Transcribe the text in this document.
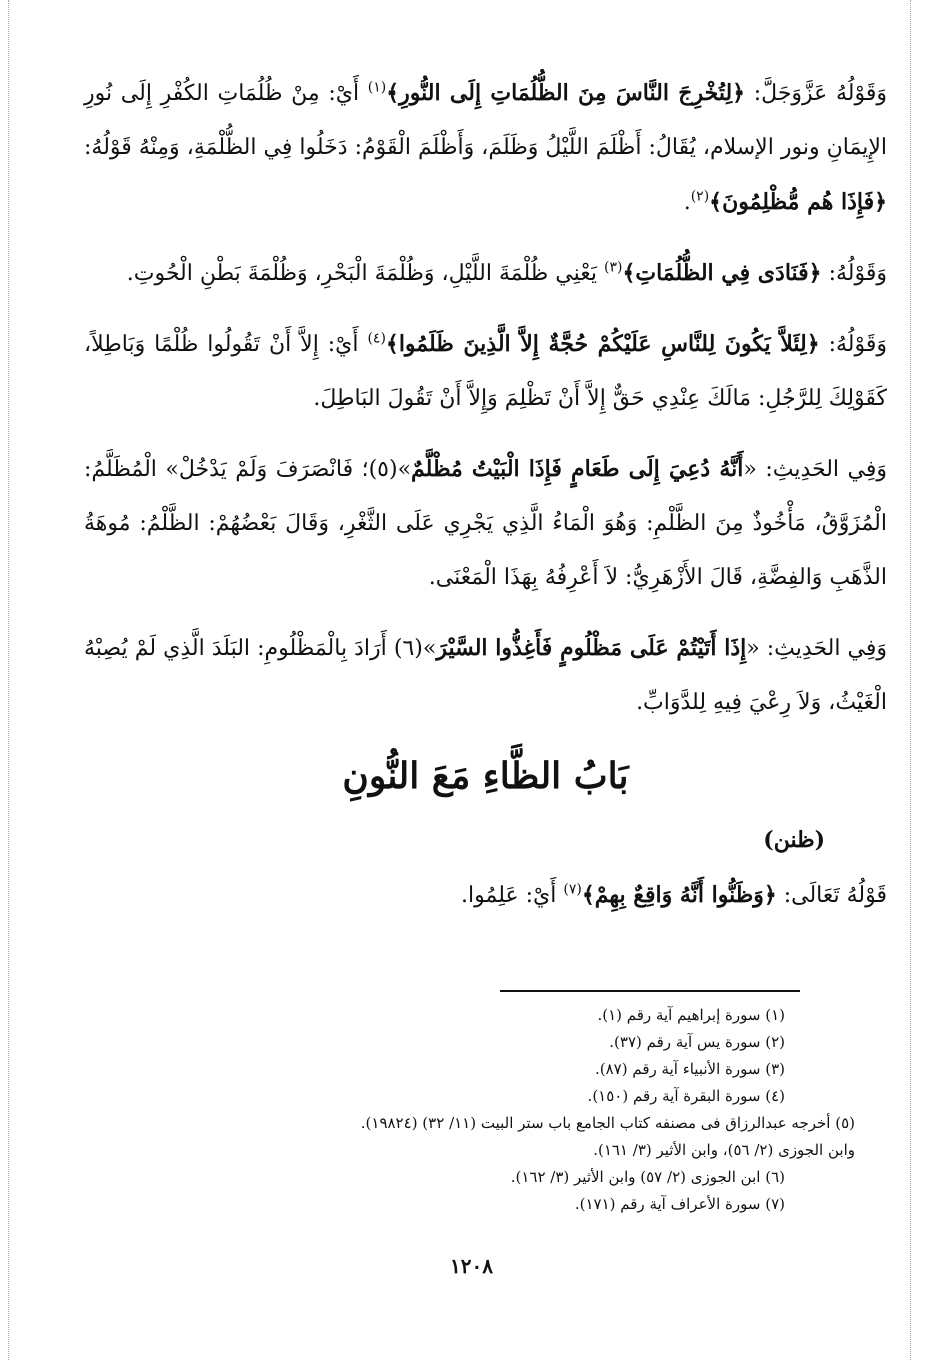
وَقَوْلُهُ عَزَّوَجَلَّ: ﴿لِتُخْرِجَ النَّاسَ مِنَ الظُّلُمَاتِ إِلَى النُّورِ﴾$^{(١)}$ أَيْ: مِنْ ظُلُمَاتِ الكُفْرِ إِلَى نُورِ الإِيمَانِ ونور الإسلام، يُقَالُ: أَظْلَمَ اللَّيْلُ وَظَلَمَ، وَأَظْلَمَ الْقَوْمُ: دَخَلُوا فِي الظُّلْمَةِ، وَمِنْهُ قَوْلُهُ: ﴿فَإِذَا هُم مُّظْلِمُونَ﴾$^{(٢)}$.

وَقَوْلُهُ: ﴿فَنَادَى فِي الظُّلُمَاتِ﴾$^{(٣)}$ يَعْنِي ظُلْمَةَ اللَّيْلِ، وَظُلْمَةَ الْبَحْرِ، وَظُلْمَةَ بَطْنِ الْحُوتِ.

وَقَوْلُهُ: ﴿لِئَلاَّ يَكُونَ لِلنَّاسِ عَلَيْكُمْ حُجَّةٌ إِلاَّ الَّذِينَ ظَلَمُوا﴾$^{(٤)}$ أَيْ: إِلاَّ أَنْ تَقُولُوا ظُلْمًا وَبَاطِلاً، كَقَوْلِكَ لِلرَّجُلِ: مَالَكَ عِنْدِي حَقٌّ إِلاَّ أَنْ تَظْلِمَ وَإِلاَّ أَنْ تَقُولَ البَاطِلَ.

وَفِي الحَدِيثِ: «أَنَّهُ دُعِيَ إِلَى طَعَامٍ فَإِذَا الْبَيْتُ مُظْلَّمٌ»(٥)؛ فَانْصَرَفَ وَلَمْ يَدْخُلْ» الْمُظَلَّمُ: الْمُزَوَّقُ، مَأْخُوذٌ مِنَ الظَّلْمِ: وَهُوَ الْمَاءُ الَّذِي يَجْرِي عَلَى الثَّغْرِ، وَقَالَ بَعْضُهُمْ: الظَّلْمُ: مُوهَةُ الذَّهَبِ وَالفِضَّةِ، قَالَ الأَزْهَرِيُّ: لاَ أَعْرِفُهُ بِهَذَا الْمَعْنَى.

وَفِي الحَدِيثِ: «إِذَا أَتَيْتُمْ عَلَى مَظْلُومٍ فَأَغِذُّوا السَّيْرَ»(٦) أَرَادَ بِالْمَظْلُومِ: البَلَدَ الَّذِي لَمْ يُصِبْهُ الْغَيْثُ، وَلاَ رِعْيَ فِيهِ لِلدَّوَابِّ.

بَابُ الظَّاءِ مَعَ النُّونِ
(ظنن)

قَوْلُهُ تَعَالَى: ﴿وَظَنُّوا أَنَّهُ وَاقِعٌ بِهِمْ﴾$^{(٧)}$ أَيْ: عَلِمُوا.

(١) سورة إبراهيم آية رقم (١).

(٢) سورة يس آية رقم (٣٧).

(٣) سورة الأنبياء آية رقم (٨٧).

(٤) سورة البقرة آية رقم (١٥٠).

(٥) أخرجه عبدالرزاق فى مصنفه كتاب الجامع باب ستر البيت (١١/ ٣٢) (١٩٨٢٤).

وابن الجوزى (٢/ ٥٦)، وابن الأثير (٣/ ١٦١).

(٦) ابن الجوزى (٢/ ٥٧) وابن الأثير (٣/ ١٦٢).

(٧) سورة الأعراف آية رقم (١٧١).

١٢٠٨
